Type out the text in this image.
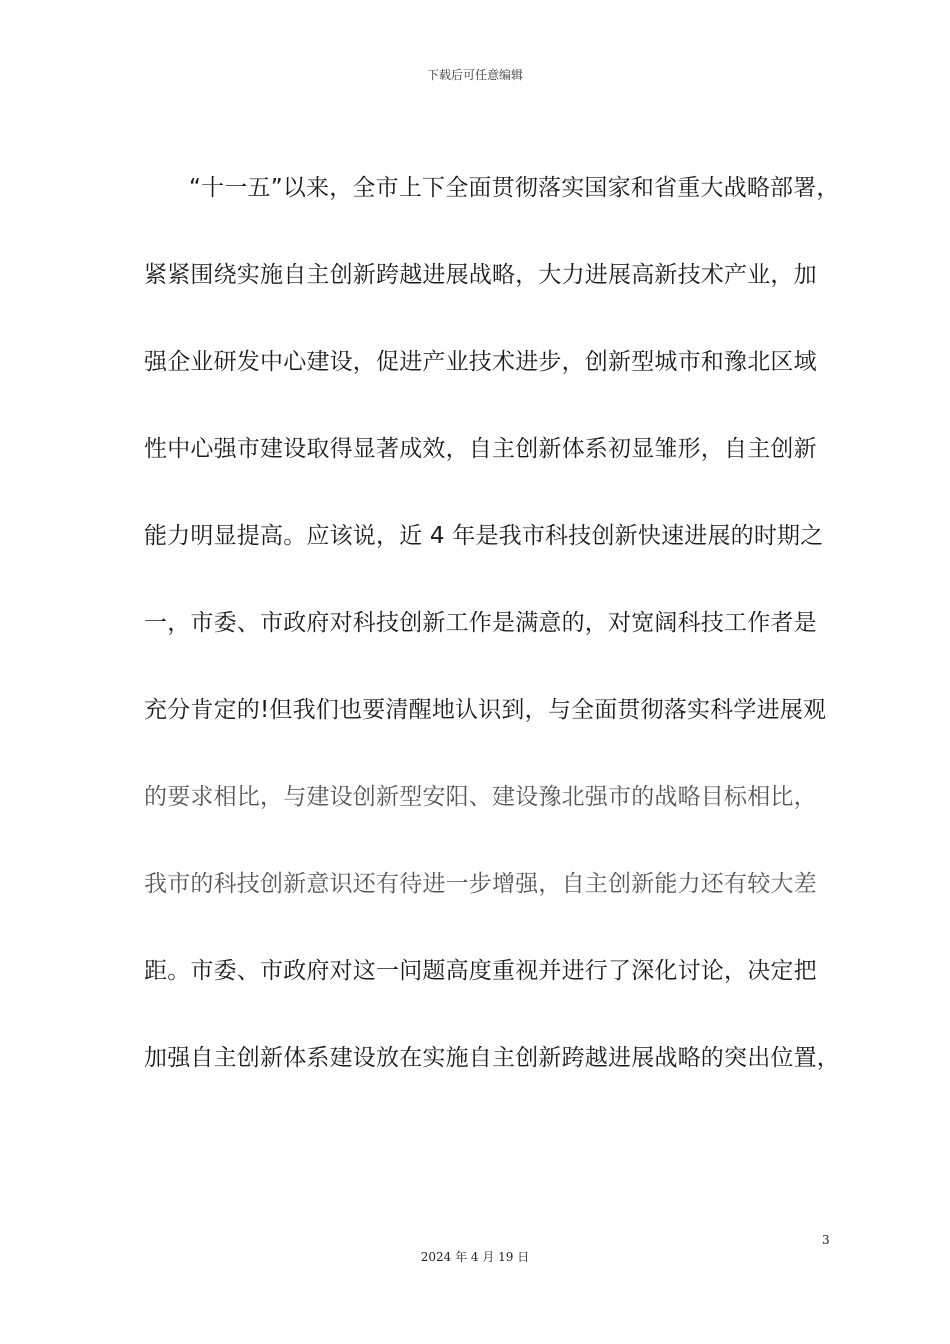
下载后可任意编辑
“十一五”以来，全市上下全面贯彻落实国家和省重大战略部署，
紧紧围绕实施自主创新跨越进展战略，大力进展高新技术产业，加
强企业研发中心建设，促进产业技术进步，创新型城市和豫北区域
性中心强市建设取得显著成效，自主创新体系初显雏形，自主创新
能力明显提高。应该说，近 4 年是我市科技创新快速进展的时期之
一，市委、市政府对科技创新工作是满意的，对宽阔科技工作者是
充分肯定的!但我们也要清醒地认识到，与全面贯彻落实科学进展观
的要求相比，与建设创新型安阳、建设豫北强市的战略目标相比，
我市的科技创新意识还有待进一步增强，自主创新能力还有较大差
距。市委、市政府对这一问题高度重视并进行了深化讨论，决定把
加强自主创新体系建设放在实施自主创新跨越进展战略的突出位置，
3
2024 年 4 月 19 日
